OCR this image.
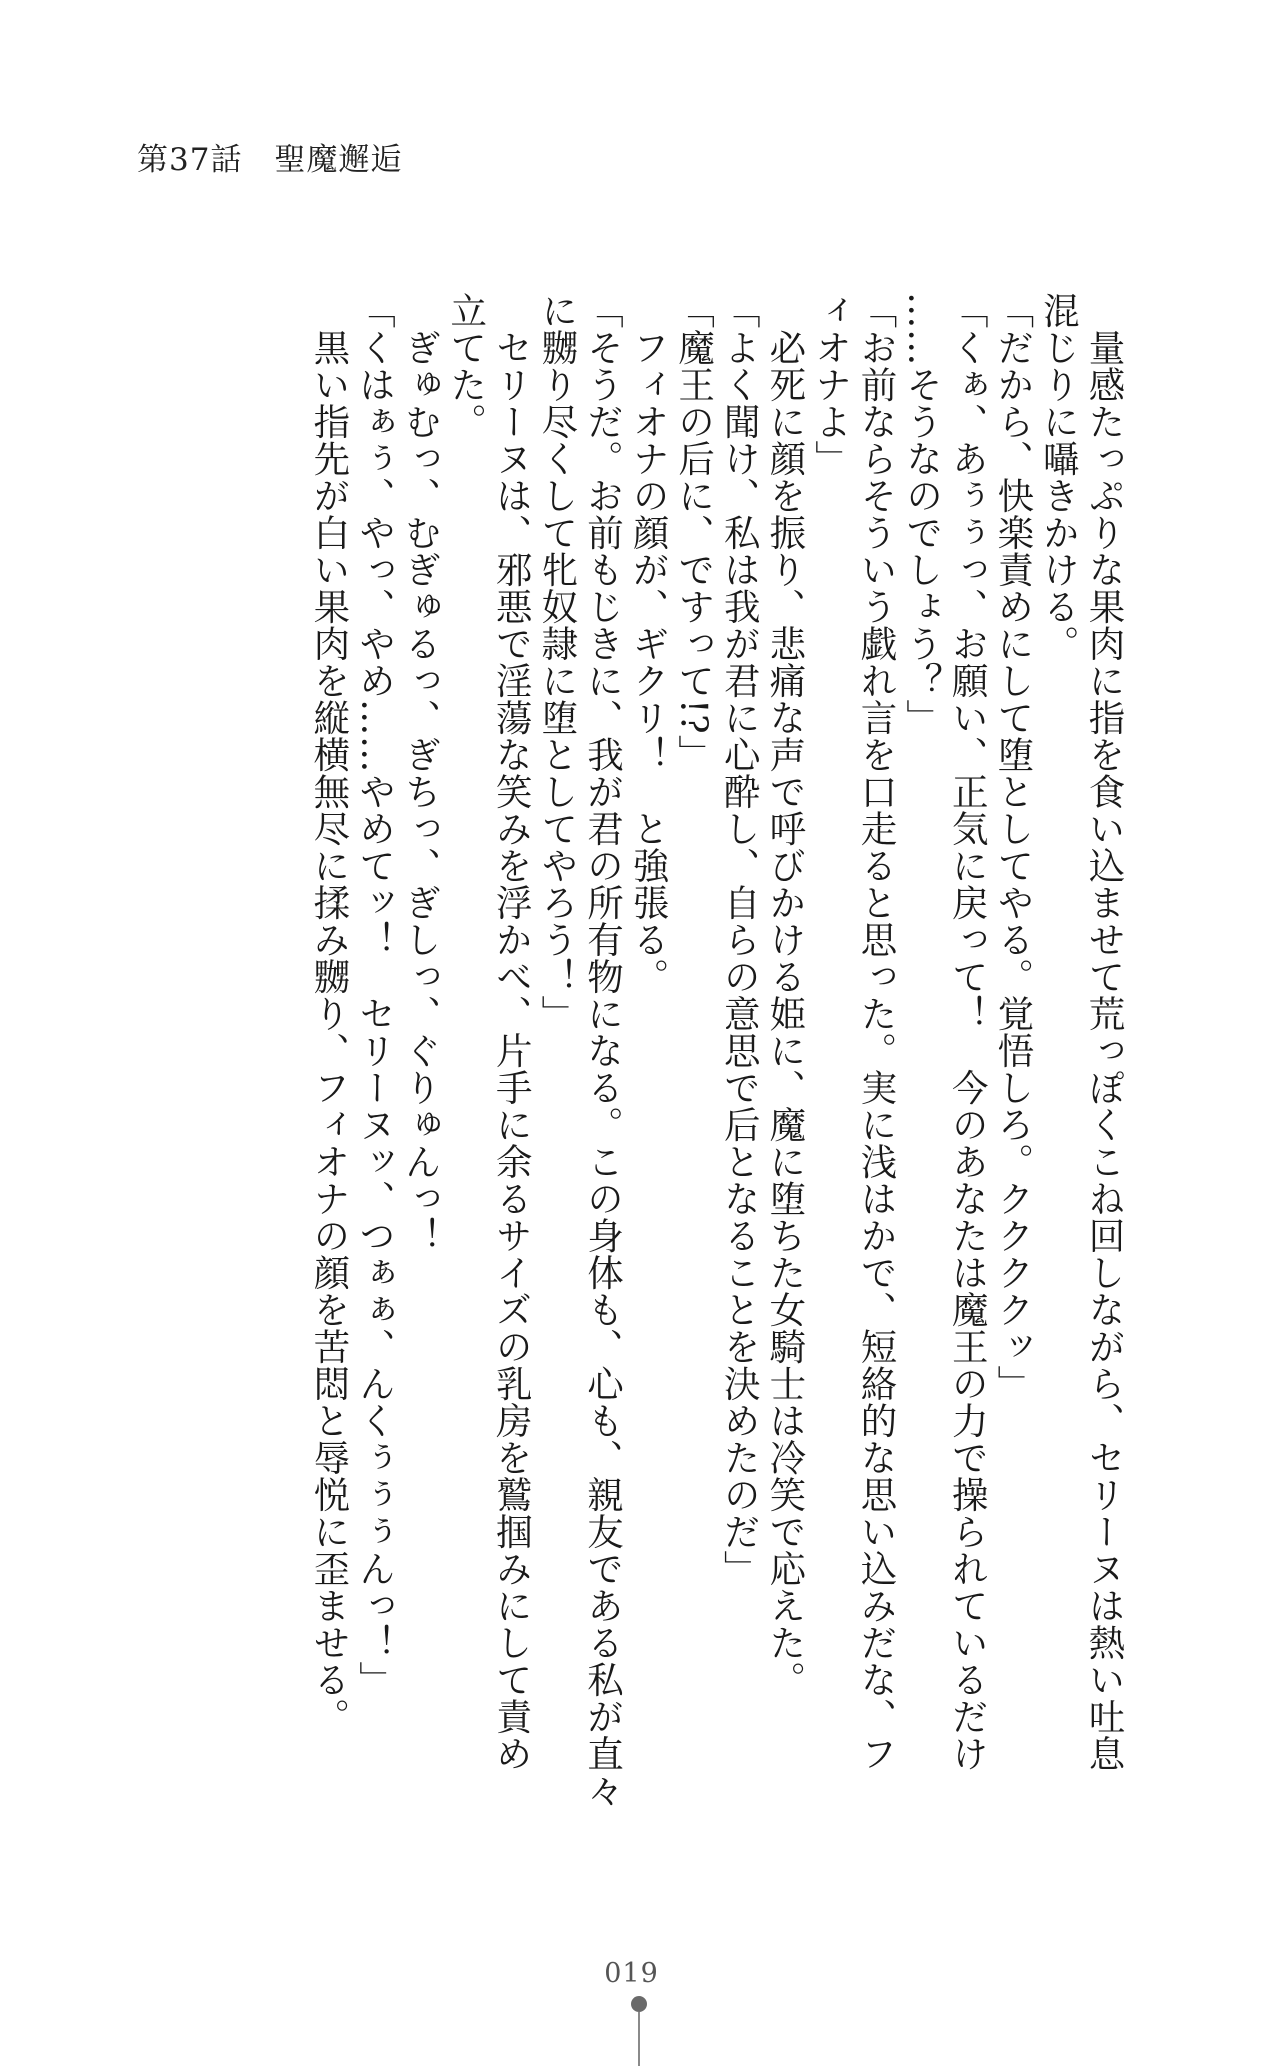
第37話　聖魔邂逅
　量感たっぷりな果肉に指を食い込ませて荒っぽくこね回しながら、セリーヌは熱い吐息
混じりに囁きかける。
「だから、快楽責めにして堕としてやる。覚悟しろ。ククククッ」
「くぁ、あぅぅっ、お願い、正気に戻って！　今のあなたは魔王の力で操られているだけ
……そうなのでしょう？」
「お前ならそういう戯れ言を口走ると思った。実に浅はかで、短絡的な思い込みだな、フ
ィオナよ」
　必死に顔を振り、悲痛な声で呼びかける姫に、魔に堕ちた女騎士は冷笑で応えた。
「よく聞け、私は我が君に心酔し、自らの意思で后となることを決めたのだ」
「魔王の后に、ですって!?」
　フィオナの顔が、ギクリ！　と強張る。
「そうだ。お前もじきに、我が君の所有物になる。この身体も、心も、親友である私が直々
に嬲り尽くして牝奴隷に堕としてやろう！」
　セリーヌは、邪悪で淫蕩な笑みを浮かべ、片手に余るサイズの乳房を鷲掴みにして責め
立てた。
　ぎゅむっ、むぎゅるっ、ぎちっ、ぎしっ、ぐりゅんっ！
「くはぁぅ、やっ、やめ……やめてッ！　セリーヌッ、つぁぁ、んくぅぅぅんっ！」
　黒い指先が白い果肉を縦横無尽に揉み嬲り、フィオナの顔を苦悶と辱悦に歪ませる。
019
